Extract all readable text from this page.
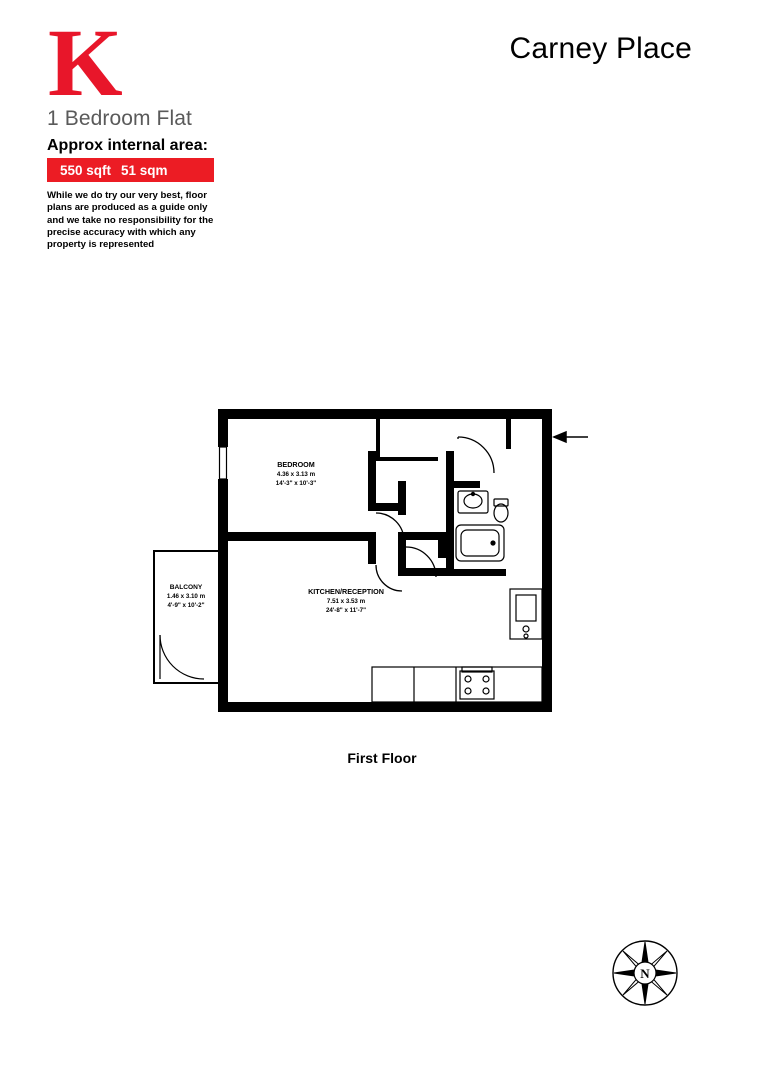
K	Carney Place
1 Bedroom Flat
Approx internal area:
550 sqft 51 sqm
While we do try our very best, floor plans are produced as a guide only and we take no responsibility for the precise accuracy with which any property is represented
BEDROOM
4.36 x 3.13 m
14'-3" x 10'-3"
KITCHEN/RECEPTION
7.51 x 3.53 m
24'-8" x 11'-7"
BALCONY
1.46 x 3.10 m
4'-9" x 10'-2"
First Floor
N
